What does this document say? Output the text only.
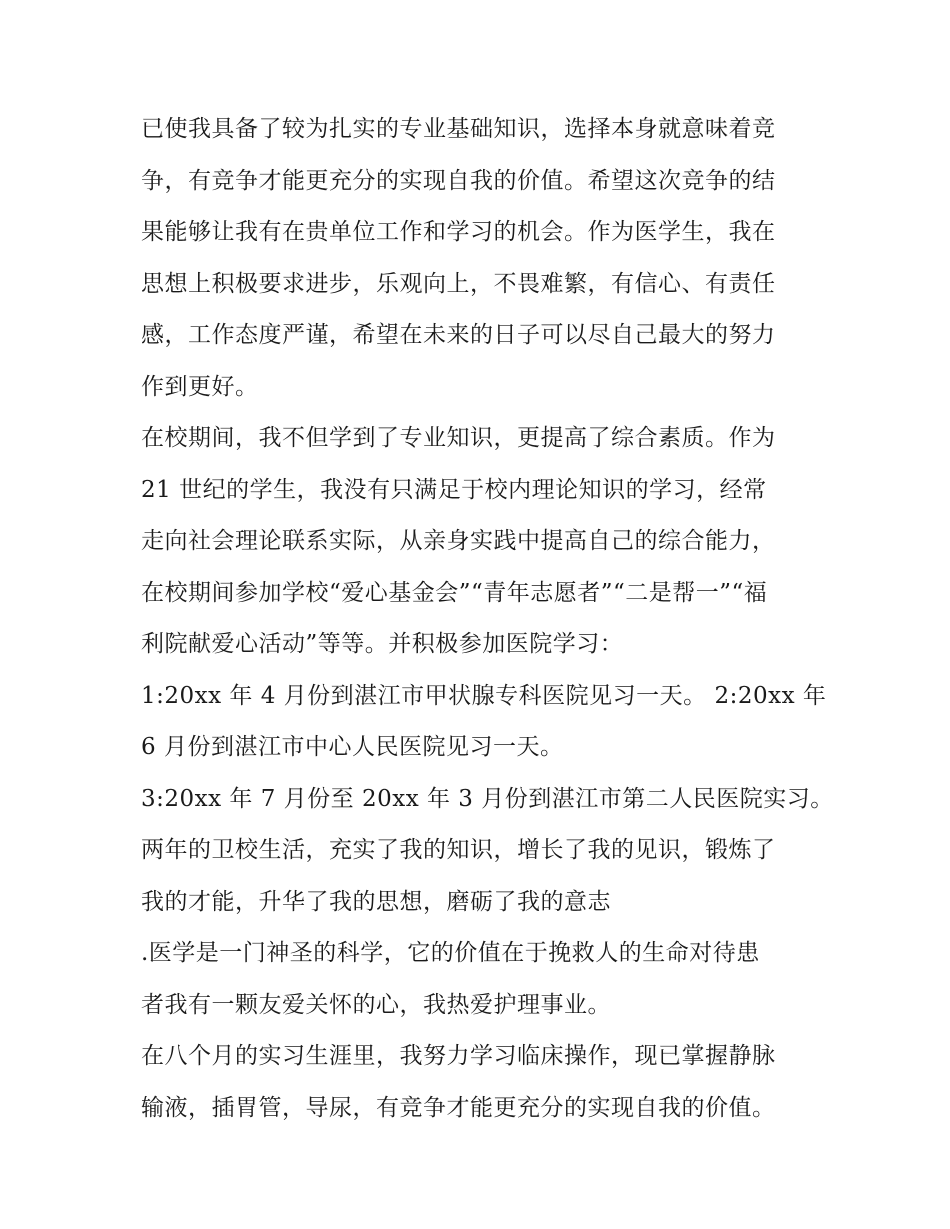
已使我具备了较为扎实的专业基础知识，选择本身就意味着竞
争，有竞争才能更充分的实现自我的价值。希望这次竞争的结
果能够让我有在贵单位工作和学习的机会。作为医学生，我在
思想上积极要求进步，乐观向上，不畏难繁，有信心、有责任
感，工作态度严谨，希望在未来的日子可以尽自己最大的努力
作到更好。
在校期间，我不但学到了专业知识，更提高了综合素质。作为
21 世纪的学生，我没有只满足于校内理论知识的学习，经常
走向社会理论联系实际，从亲身实践中提高自己的综合能力，
在校期间参加学校“爱心基金会”“青年志愿者”“二是帮一”“福
利院献爱心活动”等等。并积极参加医院学习：
1:20xx 年 4 月份到湛江市甲状腺专科医院见习一天。 2:20xx 年
6 月份到湛江市中心人民医院见习一天。
3:20xx 年 7 月份至 20xx 年 3 月份到湛江市第二人民医院实习。
两年的卫校生活，充实了我的知识，增长了我的见识，锻炼了
我的才能，升华了我的思想，磨砺了我的意志
.医学是一门神圣的科学，它的价值在于挽救人的生命对待患
者我有一颗友爱关怀的心，我热爱护理事业。
在八个月的实习生涯里，我努力学习临床操作，现已掌握静脉
输液，插胃管，导尿，有竞争才能更充分的实现自我的价值。
